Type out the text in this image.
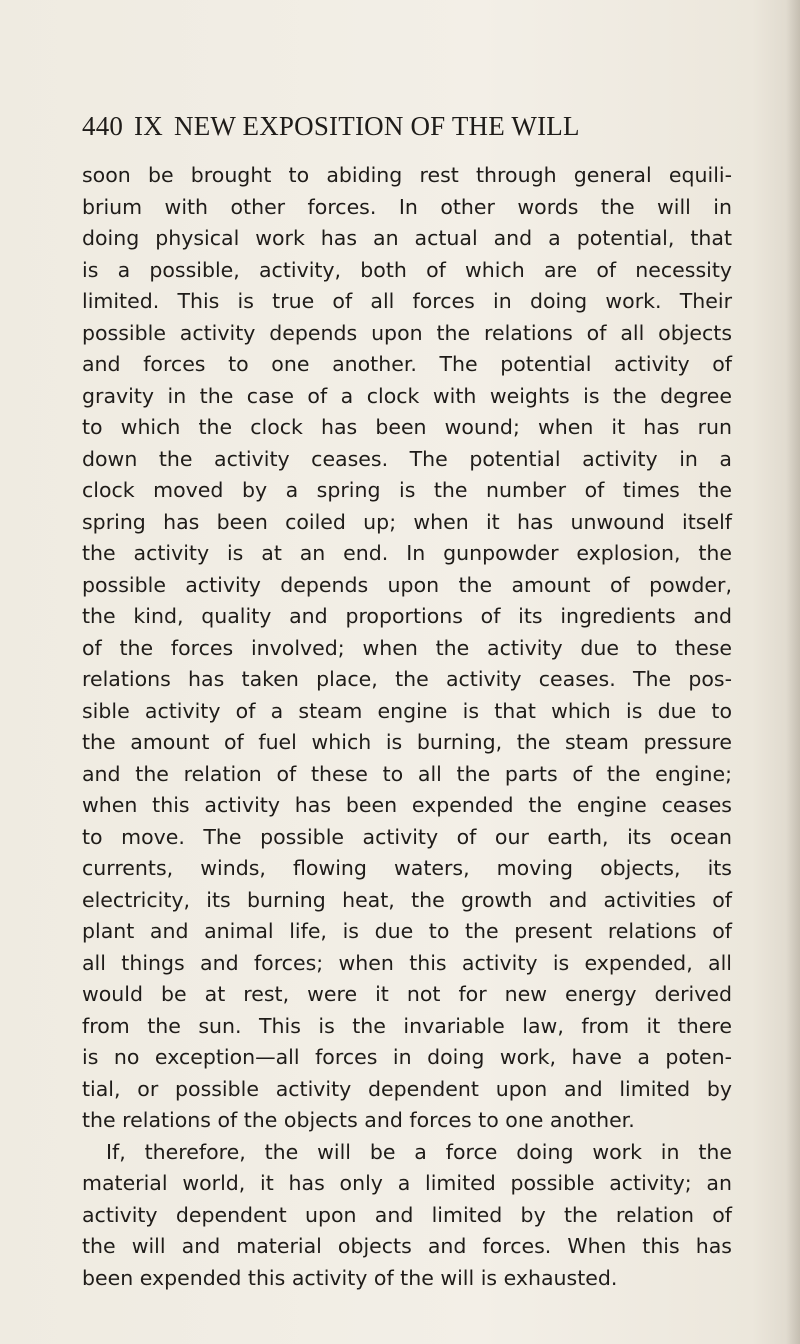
440 IX NEW EXPOSITION OF THE WILL
soon be brought to abiding rest through general equili-
brium with other forces. In other words the will in
doing physical work has an actual and a potential, that
is a possible, activity, both of which are of necessity
limited. This is true of all forces in doing work. Their
possible activity depends upon the relations of all objects
and forces to one another. The potential activity of
gravity in the case of a clock with weights is the degree
to which the clock has been wound; when it has run
down the activity ceases. The potential activity in a
clock moved by a spring is the number of times the
spring has been coiled up; when it has unwound itself
the activity is at an end. In gunpowder explosion, the
possible activity depends upon the amount of powder,
the kind, quality and proportions of its ingredients and
of the forces involved; when the activity due to these
relations has taken place, the activity ceases. The pos-
sible activity of a steam engine is that which is due to
the amount of fuel which is burning, the steam pressure
and the relation of these to all the parts of the engine;
when this activity has been expended the engine ceases
to move. The possible activity of our earth, its ocean
currents, winds, flowing waters, moving objects, its
electricity, its burning heat, the growth and activities of
plant and animal life, is due to the present relations of
all things and forces; when this activity is expended, all
would be at rest, were it not for new energy derived
from the sun. This is the invariable law, from it there
is no exception—all forces in doing work, have a poten-
tial, or possible activity dependent upon and limited by
the relations of the objects and forces to one another.
If, therefore, the will be a force doing work in the
material world, it has only a limited possible activity; an
activity dependent upon and limited by the relation of
the will and material objects and forces. When this has
been expended this activity of the will is exhausted.
